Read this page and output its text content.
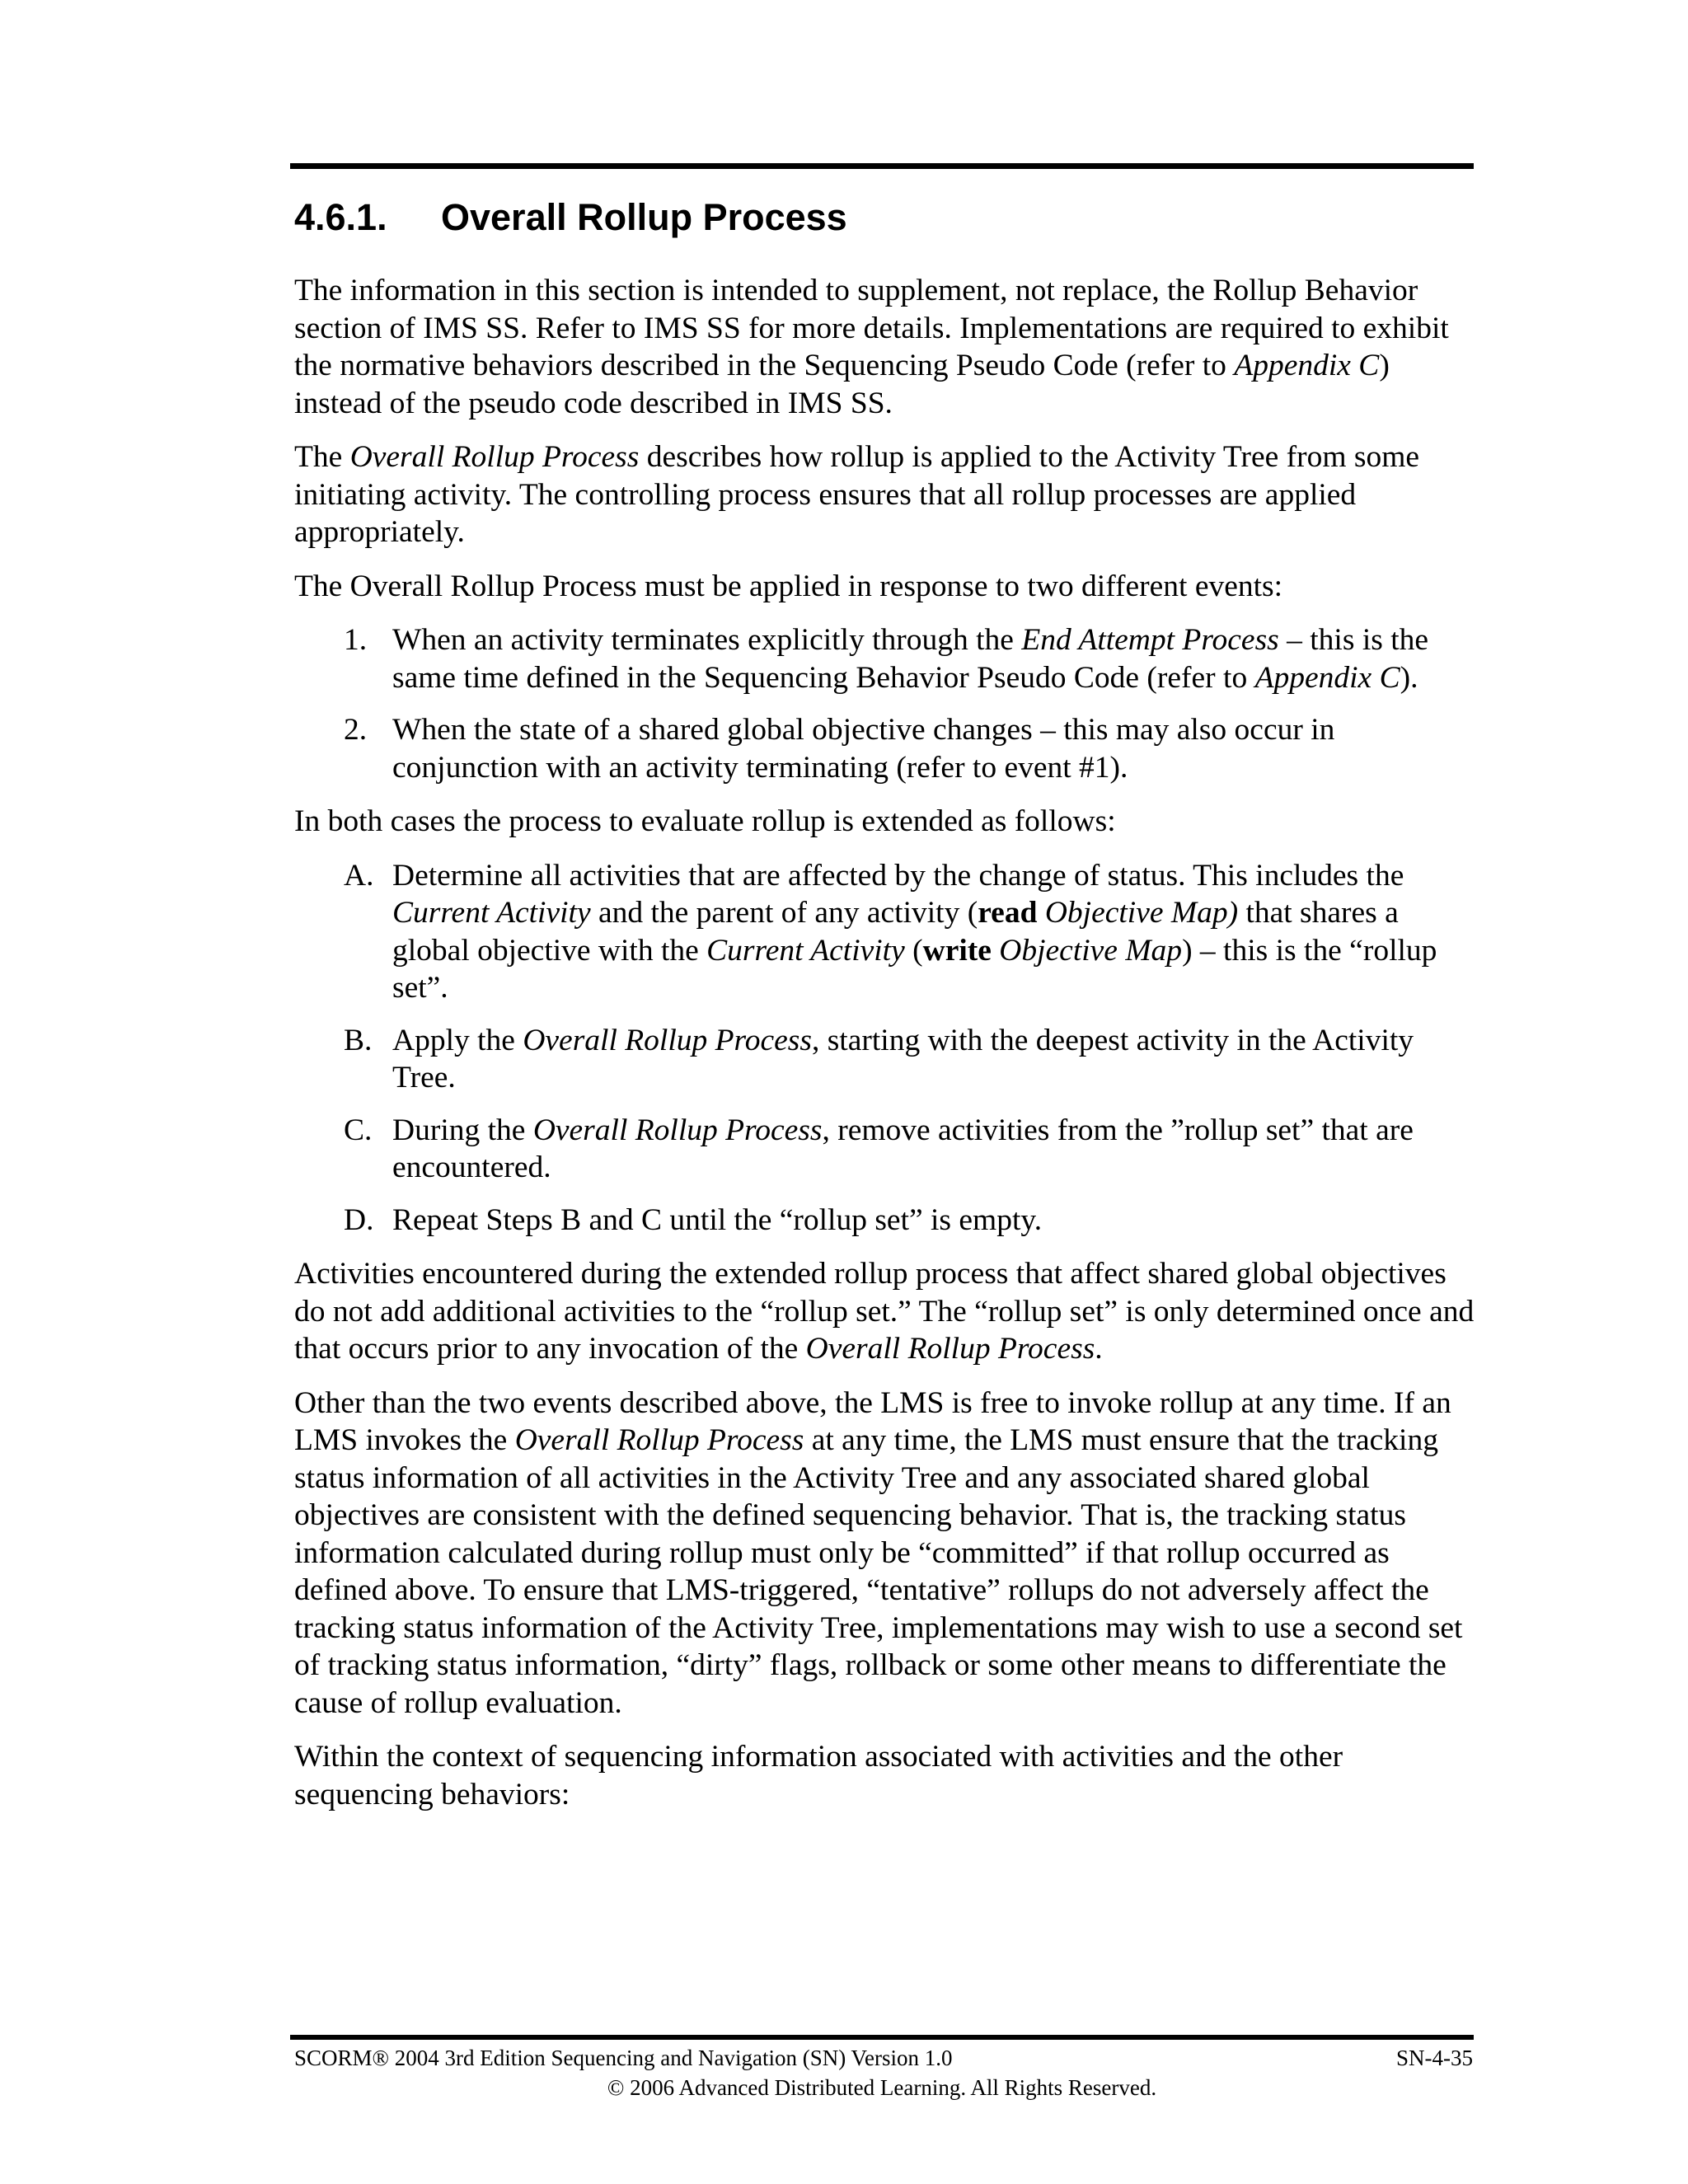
4.6.1. Overall Rollup Process

The information in this section is intended to supplement, not replace, the Rollup Behavior section of IMS SS. Refer to IMS SS for more details. Implementations are required to exhibit the normative behaviors described in the Sequencing Pseudo Code (refer to Appendix C) instead of the pseudo code described in IMS SS.

The Overall Rollup Process describes how rollup is applied to the Activity Tree from some initiating activity. The controlling process ensures that all rollup processes are applied appropriately.

The Overall Rollup Process must be applied in response to two different events:

1. When an activity terminates explicitly through the End Attempt Process – this is the same time defined in the Sequencing Behavior Pseudo Code (refer to Appendix C).
2. When the state of a shared global objective changes – this may also occur in conjunction with an activity terminating (refer to event #1).

In both cases the process to evaluate rollup is extended as follows:

A. Determine all activities that are affected by the change of status. This includes the Current Activity and the parent of any activity (read Objective Map) that shares a global objective with the Current Activity (write Objective Map) – this is the “rollup set”.
B. Apply the Overall Rollup Process, starting with the deepest activity in the Activity Tree.
C. During the Overall Rollup Process, remove activities from the ”rollup set” that are encountered.
D. Repeat Steps B and C until the “rollup set” is empty.

Activities encountered during the extended rollup process that affect shared global objectives do not add additional activities to the “rollup set.” The “rollup set” is only determined once and that occurs prior to any invocation of the Overall Rollup Process.

Other than the two events described above, the LMS is free to invoke rollup at any time. If an LMS invokes the Overall Rollup Process at any time, the LMS must ensure that the tracking status information of all activities in the Activity Tree and any associated shared global objectives are consistent with the defined sequencing behavior. That is, the tracking status information calculated during rollup must only be “committed” if that rollup occurred as defined above. To ensure that LMS-triggered, “tentative” rollups do not adversely affect the tracking status information of the Activity Tree, implementations may wish to use a second set of tracking status information, “dirty” flags, rollback or some other means to differentiate the cause of rollup evaluation.

Within the context of sequencing information associated with activities and the other sequencing behaviors:

SCORM® 2004 3rd Edition Sequencing and Navigation (SN) Version 1.0	SN-4-35
© 2006 Advanced Distributed Learning. All Rights Reserved.
